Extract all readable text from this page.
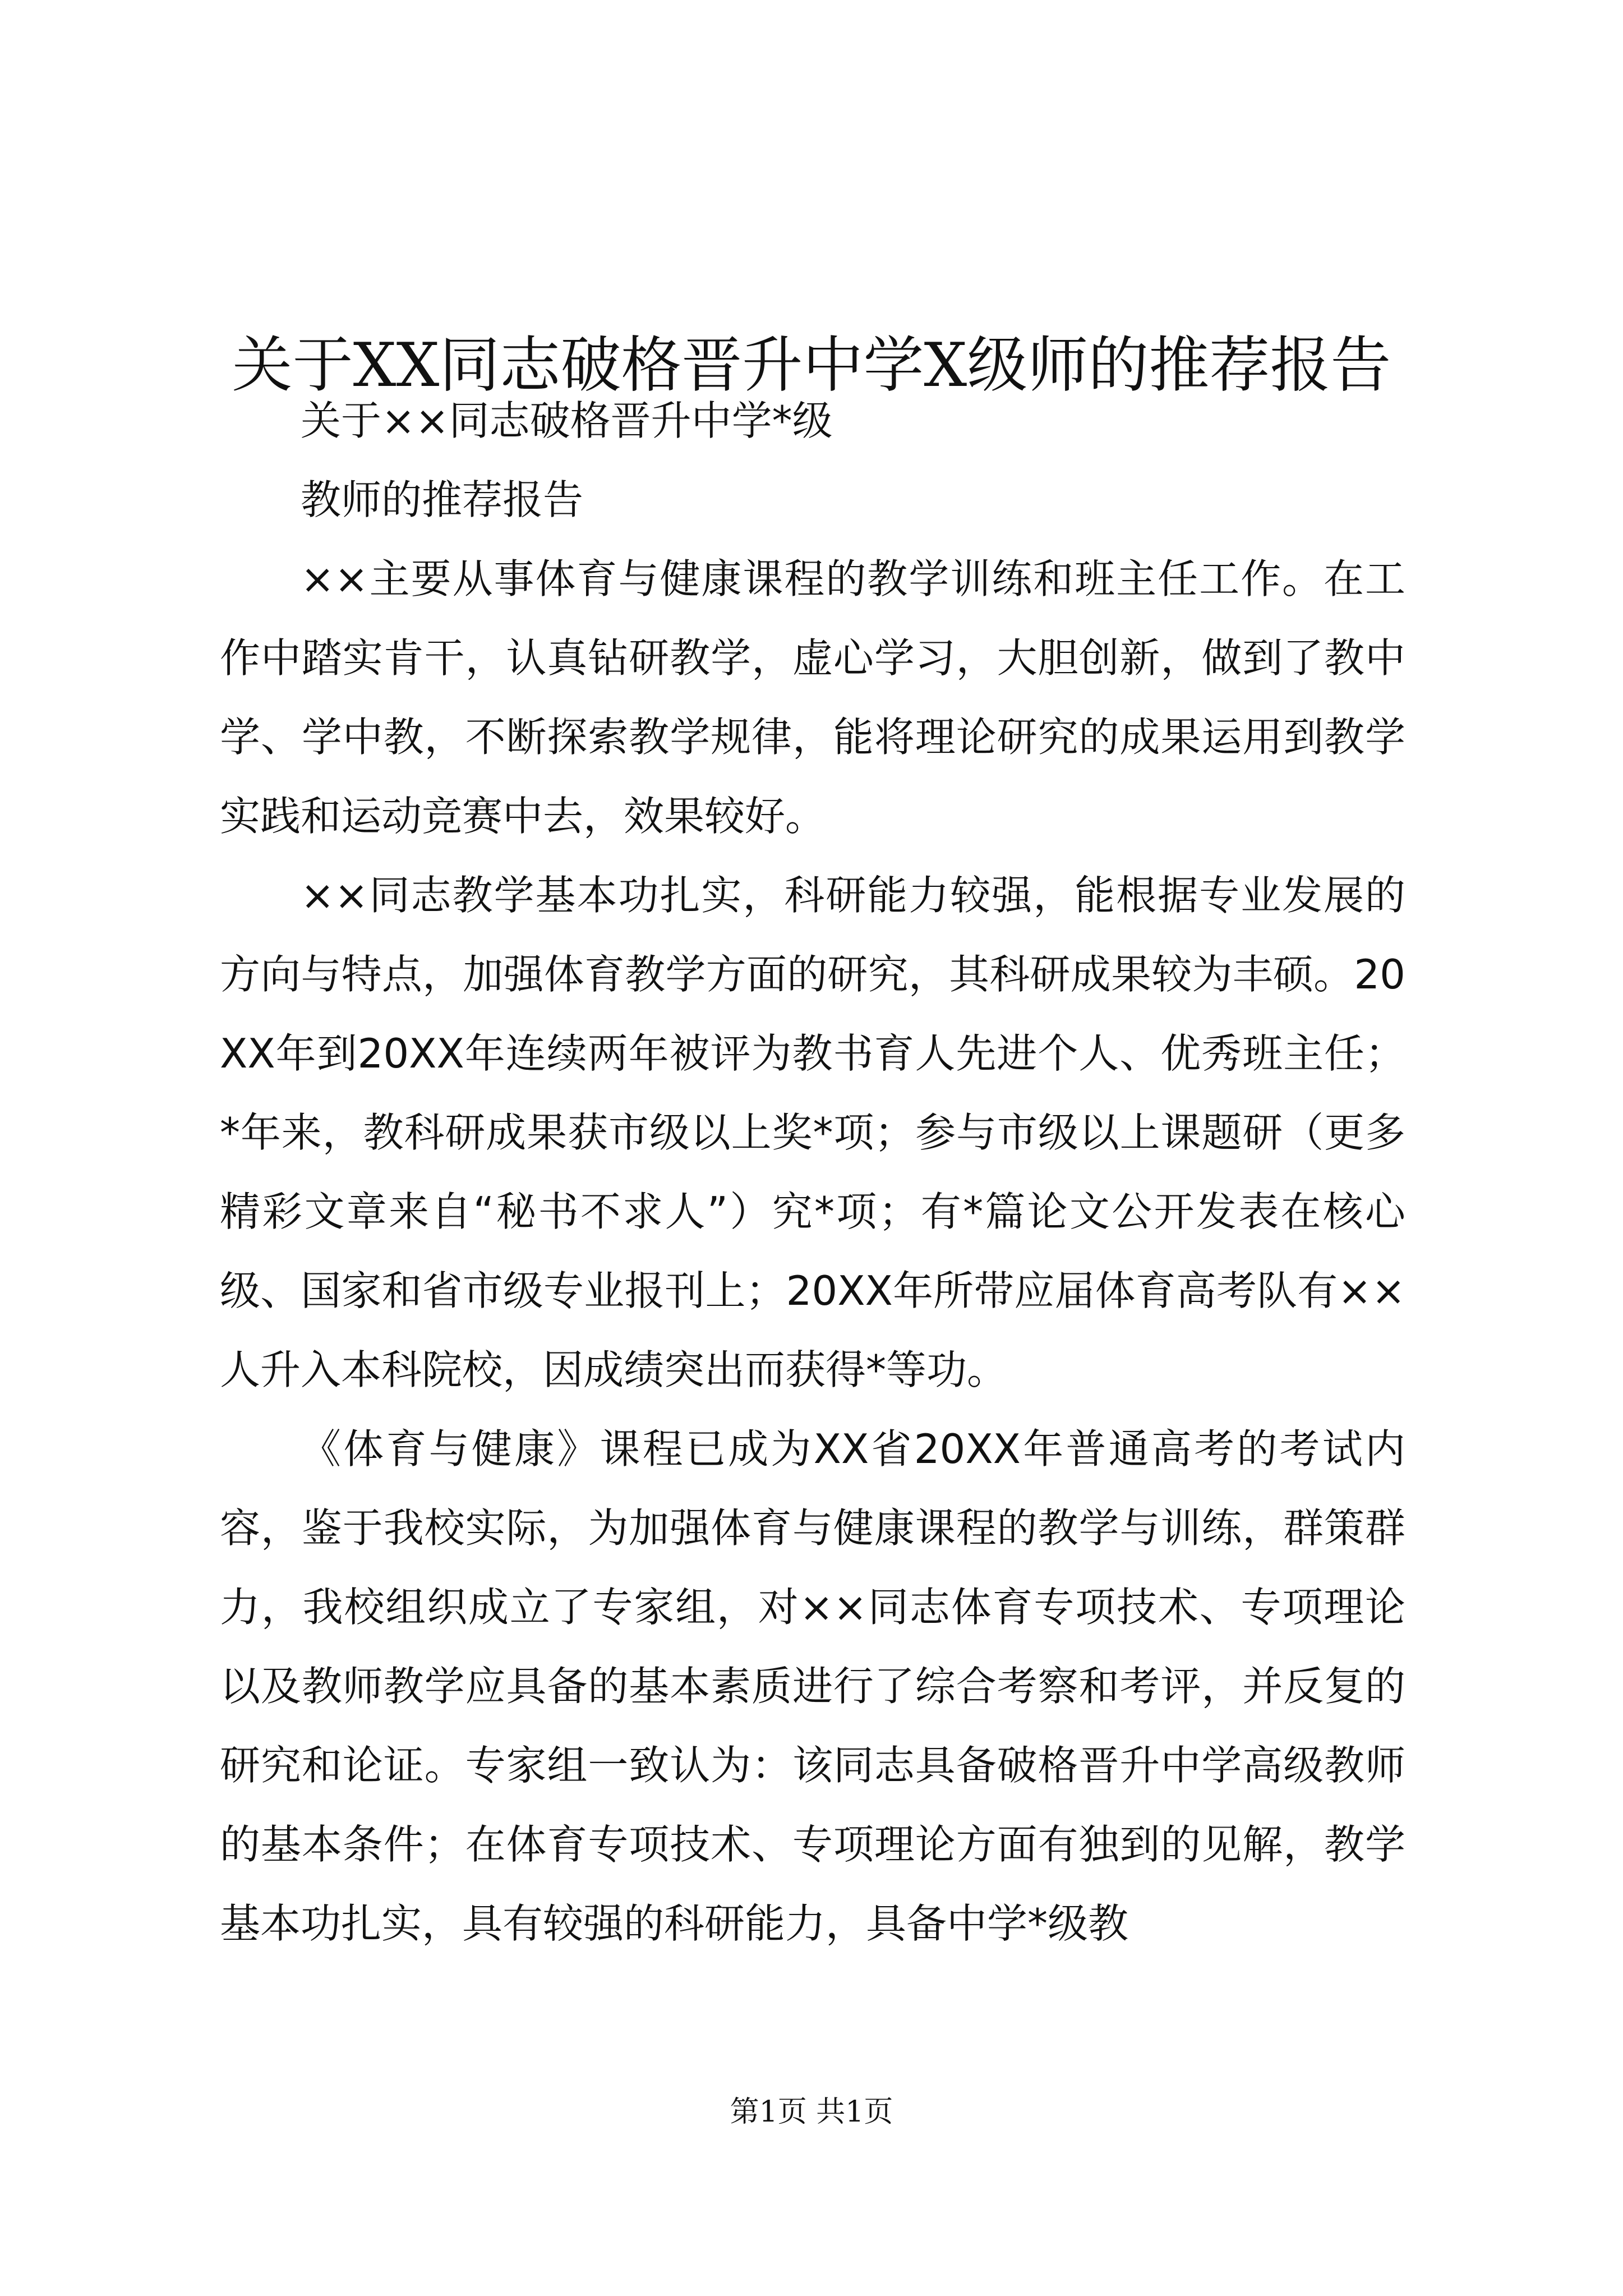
关于XX同志破格晋升中学X级师的推荐报告

关于××同志破格晋升中学*级

教师的推荐报告

××主要从事体育与健康课程的教学训练和班主任工作。在工作中踏实肯干，认真钻研教学，虚心学习，大胆创新，做到了教中学、学中教，不断探索教学规律，能将理论研究的成果运用到教学实践和运动竞赛中去，效果较好。

××同志教学基本功扎实，科研能力较强，能根据专业发展的方向与特点，加强体育教学方面的研究，其科研成果较为丰硕。20XX年到20XX年连续两年被评为教书育人先进个人、优秀班主任；*年来，教科研成果获市级以上奖*项；参与市级以上课题研（更多精彩文章来自“秘书不求人”）究*项；有*篇论文公开发表在核心级、国家和省市级专业报刊上；20XX年所带应届体育高考队有××人升入本科院校，因成绩突出而获得*等功。

《体育与健康》课程已成为XX省20XX年普通高考的考试内容，鉴于我校实际，为加强体育与健康课程的教学与训练，群策群力，我校组织成立了专家组，对××同志体育专项技术、专项理论以及教师教学应具备的基本素质进行了综合考察和考评，并反复的研究和论证。专家组一致认为：该同志具备破格晋升中学高级教师的基本条件；在体育专项技术、专项理论方面有独到的见解，教学基本功扎实，具有较强的科研能力，具备中学*级教

第1页 共1页
